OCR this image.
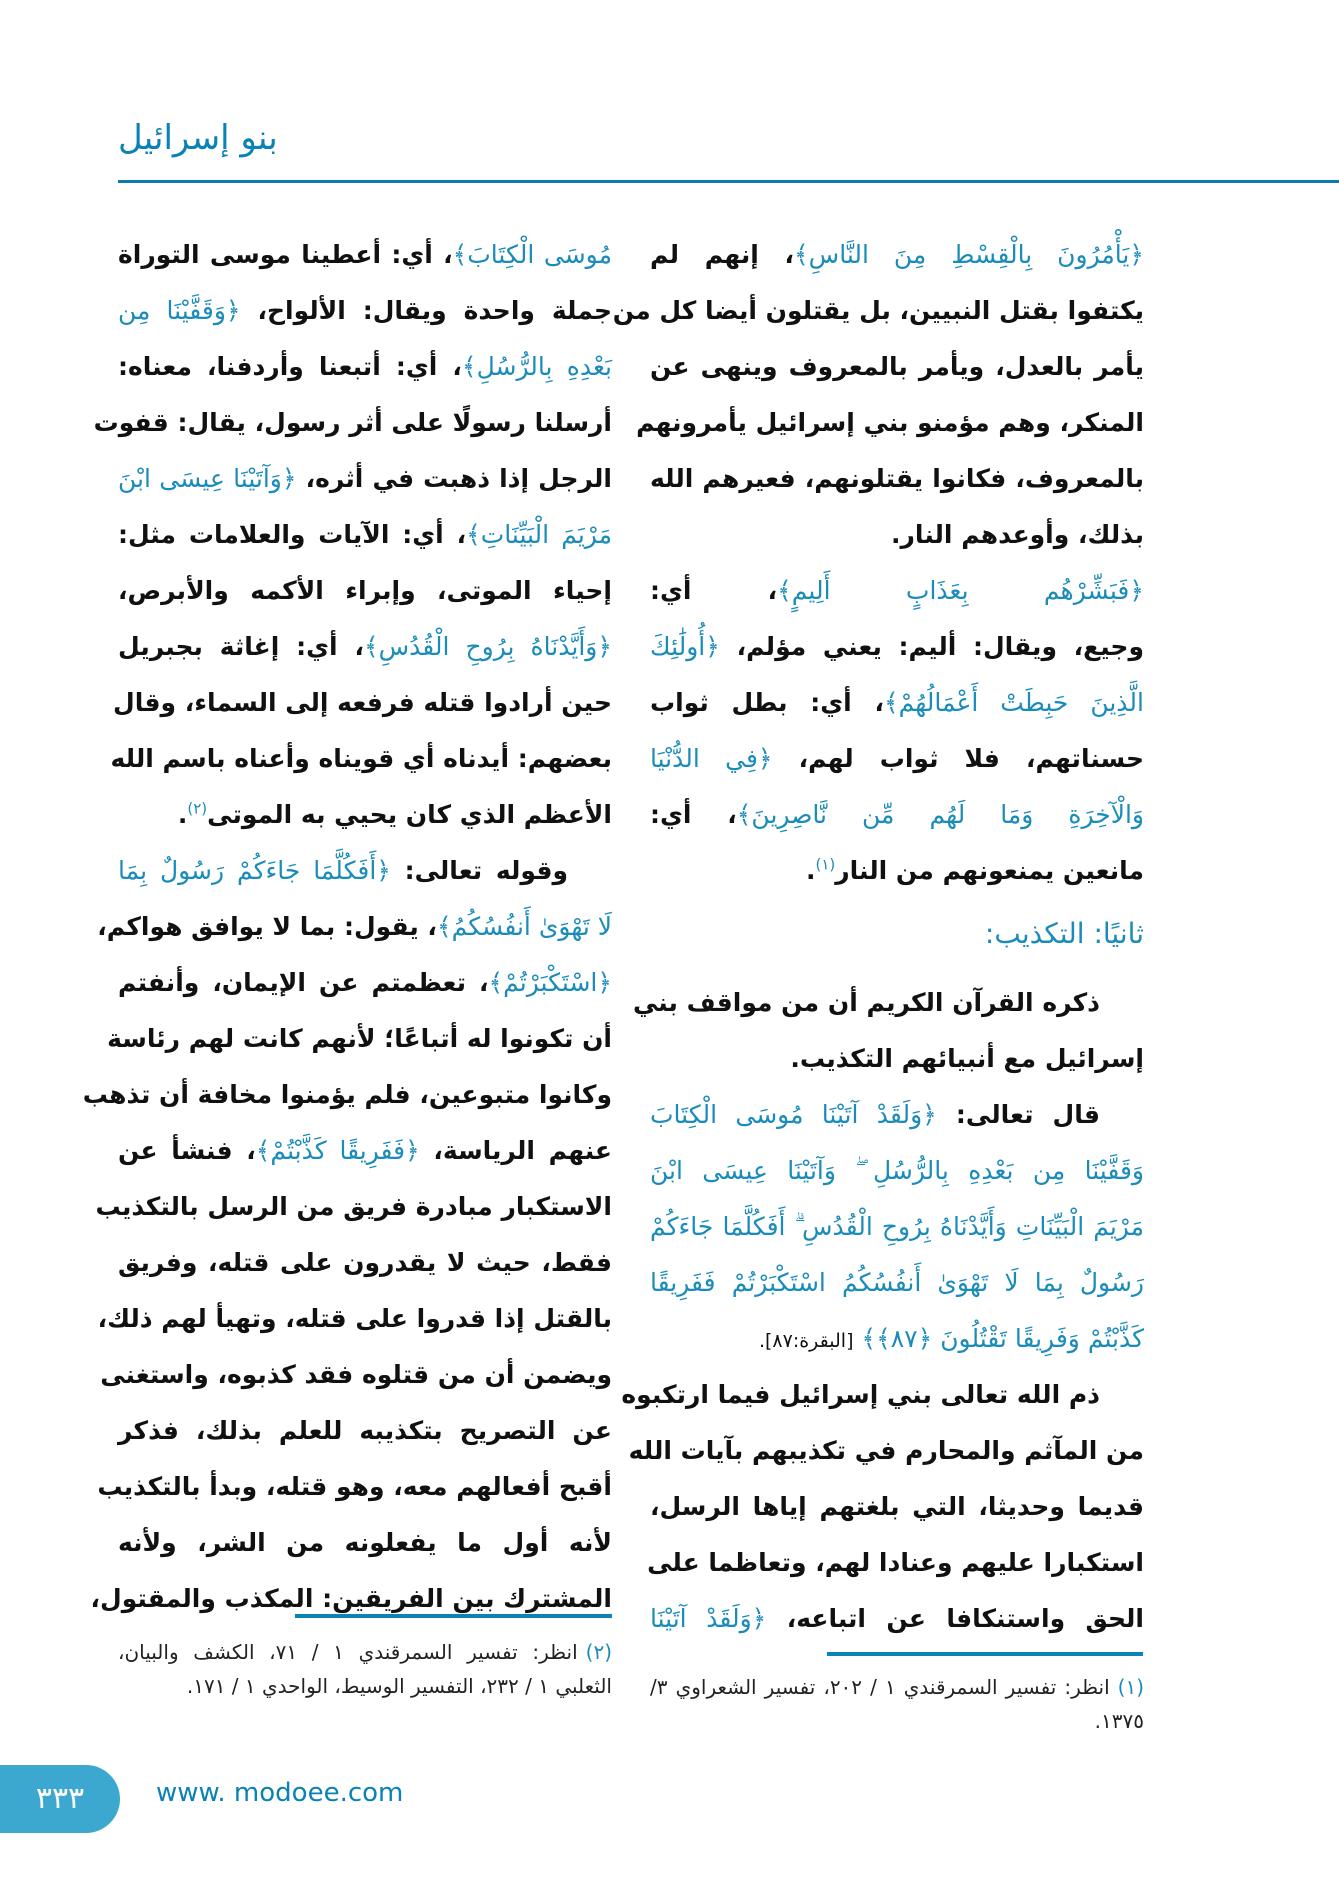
بنو إسرائيل
﴿يَأْمُرُونَ بِالْقِسْطِ مِنَ النَّاسِ﴾، إنهم لم
يكتفوا بقتل النبيين، بل يقتلون أيضا كل من
يأمر بالعدل، ويأمر بالمعروف وينهى عن
المنكر، وهم مؤمنو بني إسرائيل يأمرونهم
بالمعروف، فكانوا يقتلونهم، فعيرهم الله
بذلك، وأوعدهم النار.
﴿فَبَشِّرْهُم بِعَذَابٍ أَلِيمٍ﴾، أي:
وجيع، ويقال: أليم: يعني مؤلم، ﴿أُولَٰئِكَ
الَّذِينَ حَبِطَتْ أَعْمَالُهُمْ﴾، أي: بطل ثواب
حسناتهم، فلا ثواب لهم، ﴿فِي الدُّنْيَا
وَالْآخِرَةِ وَمَا لَهُم مِّن نَّاصِرِينَ﴾، أي:
مانعين يمنعونهم من النار$^{(١)}$.
ثانيًا: التكذيب:
ذكره القرآن الكريم أن من مواقف بني
إسرائيل مع أنبيائهم التكذيب.
قال تعالى: ﴿وَلَقَدْ آتَيْنَا مُوسَى الْكِتَابَ
وَقَفَّيْنَا مِن بَعْدِهِ بِالرُّسُلِ ۖ وَآتَيْنَا عِيسَى ابْنَ
مَرْيَمَ الْبَيِّنَاتِ وَأَيَّدْنَاهُ بِرُوحِ الْقُدُسِ ۗ أَفَكُلَّمَا جَاءَكُمْ
رَسُولٌ بِمَا لَا تَهْوَىٰ أَنفُسُكُمُ اسْتَكْبَرْتُمْ فَفَرِيقًا
كَذَّبْتُمْ وَفَرِيقًا تَقْتُلُونَ ﴿٨٧﴾﴾ [البقرة:٨٧].
ذم الله تعالى بني إسرائيل فيما ارتكبوه
من المآثم والمحارم في تكذيبهم بآيات الله
قديما وحديثا، التي بلغتهم إياها الرسل،
استكبارا عليهم وعنادا لهم، وتعاظما على
الحق واستنكافا عن اتباعه، ﴿وَلَقَدْ آتَيْنَا
مُوسَى الْكِتَابَ﴾، أي: أعطينا موسى التوراة
جملة واحدة ويقال: الألواح، ﴿وَقَفَّيْنَا مِن
بَعْدِهِ بِالرُّسُلِ﴾، أي: أتبعنا وأردفنا، معناه:
أرسلنا رسولًا على أثر رسول، يقال: قفوت
الرجل إذا ذهبت في أثره، ﴿وَآتَيْنَا عِيسَى ابْنَ
مَرْيَمَ الْبَيِّنَاتِ﴾، أي: الآيات والعلامات مثل:
إحياء الموتى، وإبراء الأكمه والأبرص،
﴿وَأَيَّدْنَاهُ بِرُوحِ الْقُدُسِ﴾، أي: إغاثة بجبريل
حين أرادوا قتله فرفعه إلى السماء، وقال
بعضهم: أيدناه أي قويناه وأعناه باسم الله
الأعظم الذي كان يحيي به الموتى$^{(٢)}$.
وقوله تعالى: ﴿أَفَكُلَّمَا جَاءَكُمْ رَسُولٌ بِمَا
لَا تَهْوَىٰ أَنفُسُكُمُ﴾، يقول: بما لا يوافق هواكم،
﴿اسْتَكْبَرْتُمْ﴾، تعظمتم عن الإيمان، وأنفتم
أن تكونوا له أتباعًا؛ لأنهم كانت لهم رئاسة
وكانوا متبوعين، فلم يؤمنوا مخافة أن تذهب
عنهم الرياسة، ﴿فَفَرِيقًا كَذَّبْتُمْ﴾، فنشأ عن
الاستكبار مبادرة فريق من الرسل بالتكذيب
فقط، حيث لا يقدرون على قتله، وفريق
بالقتل إذا قدروا على قتله، وتهيأ لهم ذلك،
ويضمن أن من قتلوه فقد كذبوه، واستغنى
عن التصريح بتكذيبه للعلم بذلك، فذكر
أقبح أفعالهم معه، وهو قتله، وبدأ بالتكذيب
لأنه أول ما يفعلونه من الشر، ولأنه
المشترك بين الفريقين: المكذب والمقتول،
(١)انظر: تفسير السمرقندي ١ / ٢٠٢، تفسير الشعراوي ٣/ ١٣٧٥.
(٢)انظر: تفسير السمرقندي ١ / ٧١، الكشف والبيان، الثعلبي ١ / ٢٣٢، التفسير الوسيط، الواحدي ١ / ١٧١.
٣٣٣	www. modoee.com
